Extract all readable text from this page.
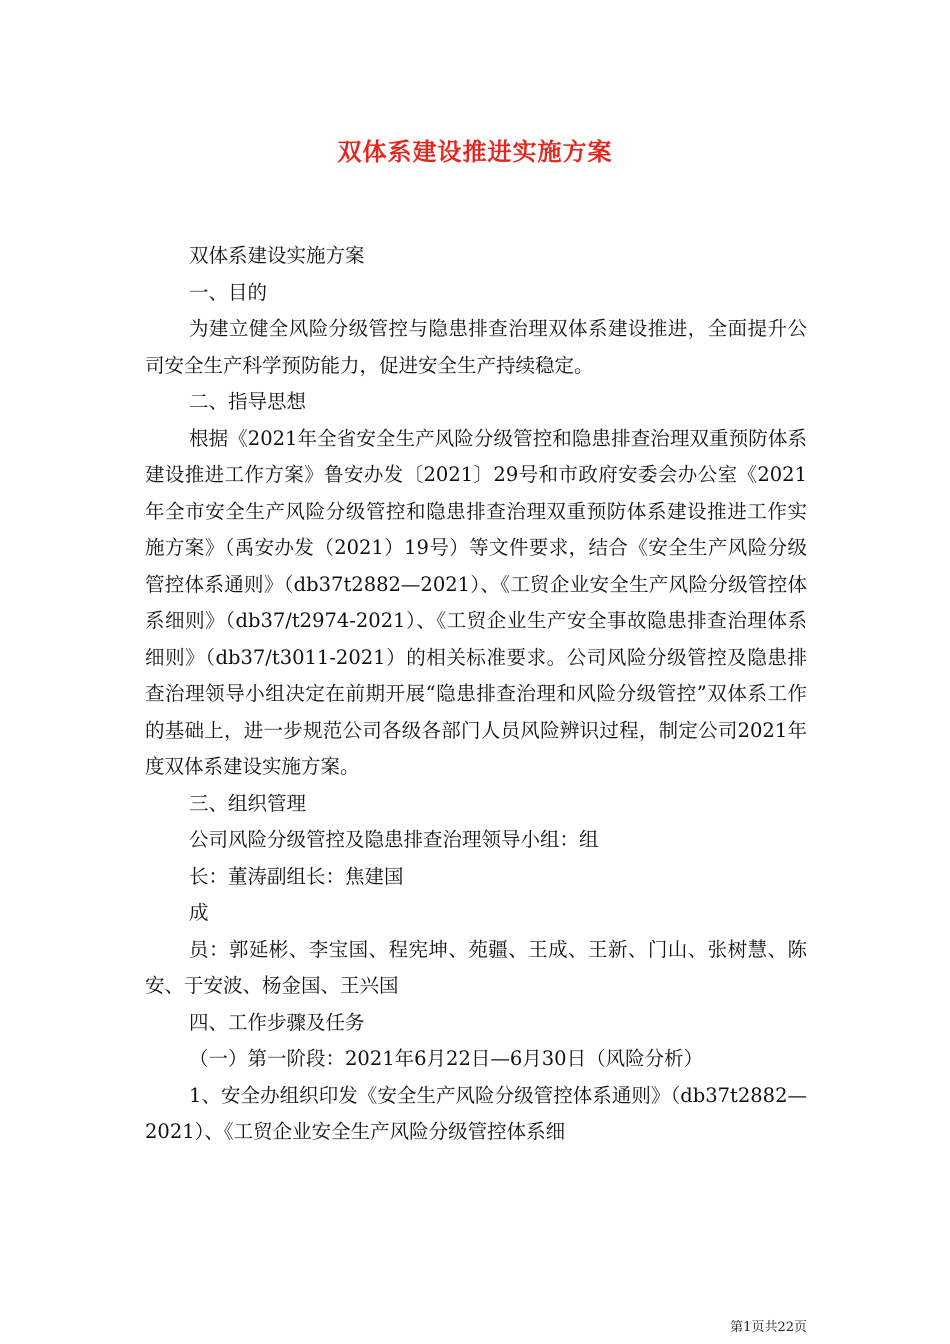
双体系建设推进实施方案
双体系建设实施方案
一、目的

为建立健全风险分级管控与隐患排查治理双体系建设推进，全面提升公司安全生产科学预防能力，促进安全生产持续稳定。

二、指导思想

根据《2021年全省安全生产风险分级管控和隐患排查治理双重预防体系建设推进工作方案》鲁安办发〔2021〕29号和市政府安委会办公室《2021年全市安全生产风险分级管控和隐患排查治理双重预防体系建设推进工作实施方案》（禹安办发（2021）19号）等文件要求，结合《安全生产风险分级管控体系通则》（db37t2882—2021）、《工贸企业安全生产风险分级管控体系细则》（db37/t2974-2021）、《工贸企业生产安全事故隐患排查治理体系细则》（db37/t3011-2021）的相关标准要求。公司风险分级管控及隐患排查治理领导小组决定在前期开展“隐患排查治理和风险分级管控”双体系工作的基础上，进一步规范公司各级各部门人员风险辨识过程，制定公司2021年度双体系建设实施方案。

三、组织管理
公司风险分级管控及隐患排查治理领导小组：组
长：董涛副组长：焦建国
成

员：郭延彬、李宝国、程宪坤、苑疆、王成、王新、门山、张树慧、陈安、于安波、杨金国、王兴国

四、工作步骤及任务
（一）第一阶段：2021年6月22日—6月30日（风险分析）

1、安全办组织印发《安全生产风险分级管控体系通则》（db37t2882—2021）、《工贸企业安全生产风险分级管控体系细

第1页共22页
